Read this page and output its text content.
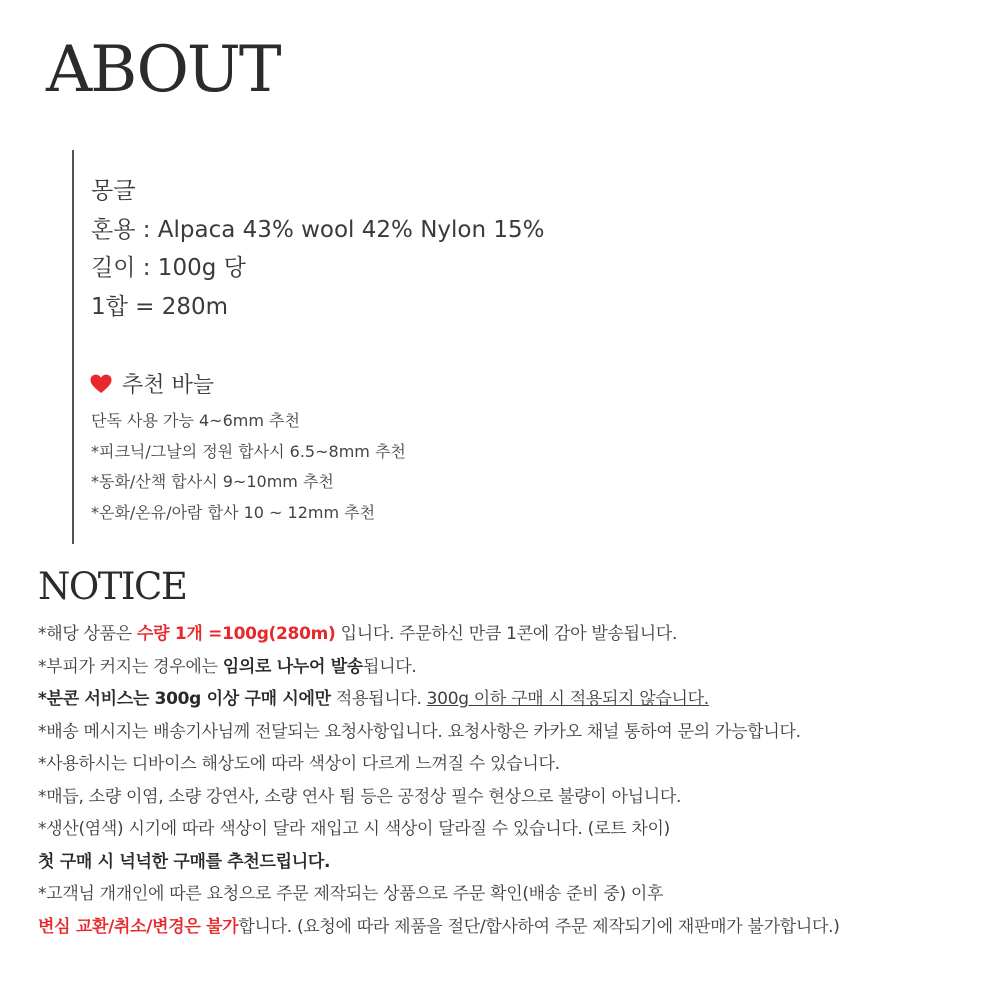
ABOUT
몽글
혼용 : Alpaca 43% wool 42% Nylon 15%
길이 : 100g 당
1합 = 280m
추천 바늘
단독 사용 가능 4~6mm 추천
*피크닉/그날의 정원 합사시 6.5~8mm 추천
*동화/산책 합사시 9~10mm 추천
*온화/온유/아람 합사 10 ~ 12mm 추천
NOTICE
*해당 상품은 수량 1개 =100g(280m) 입니다. 주문하신 만큼 1콘에 감아 발송됩니다.
*부피가 커지는 경우에는 임의로 나누어 발송됩니다.
*분콘 서비스는 300g 이상 구매 시에만 적용됩니다. 300g 이하 구매 시 적용되지 않습니다.
*배송 메시지는 배송기사님께 전달되는 요청사항입니다. 요청사항은 카카오 채널 통하여 문의 가능합니다.
*사용하시는 디바이스 해상도에 따라 색상이 다르게 느껴질 수 있습니다.
*매듭, 소량 이염, 소량 강연사, 소량 연사 튐 등은 공정상 필수 현상으로 불량이 아닙니다.
*생산(염색) 시기에 따라 색상이 달라 재입고 시 색상이 달라질 수 있습니다. (로트 차이)
첫 구매 시 넉넉한 구매를 추천드립니다.
*고객님 개개인에 따른 요청으로 주문 제작되는 상품으로 주문 확인(배송 준비 중) 이후
변심 교환/취소/변경은 불가합니다. (요청에 따라 제품을 절단/합사하여 주문 제작되기에 재판매가 불가합니다.)
